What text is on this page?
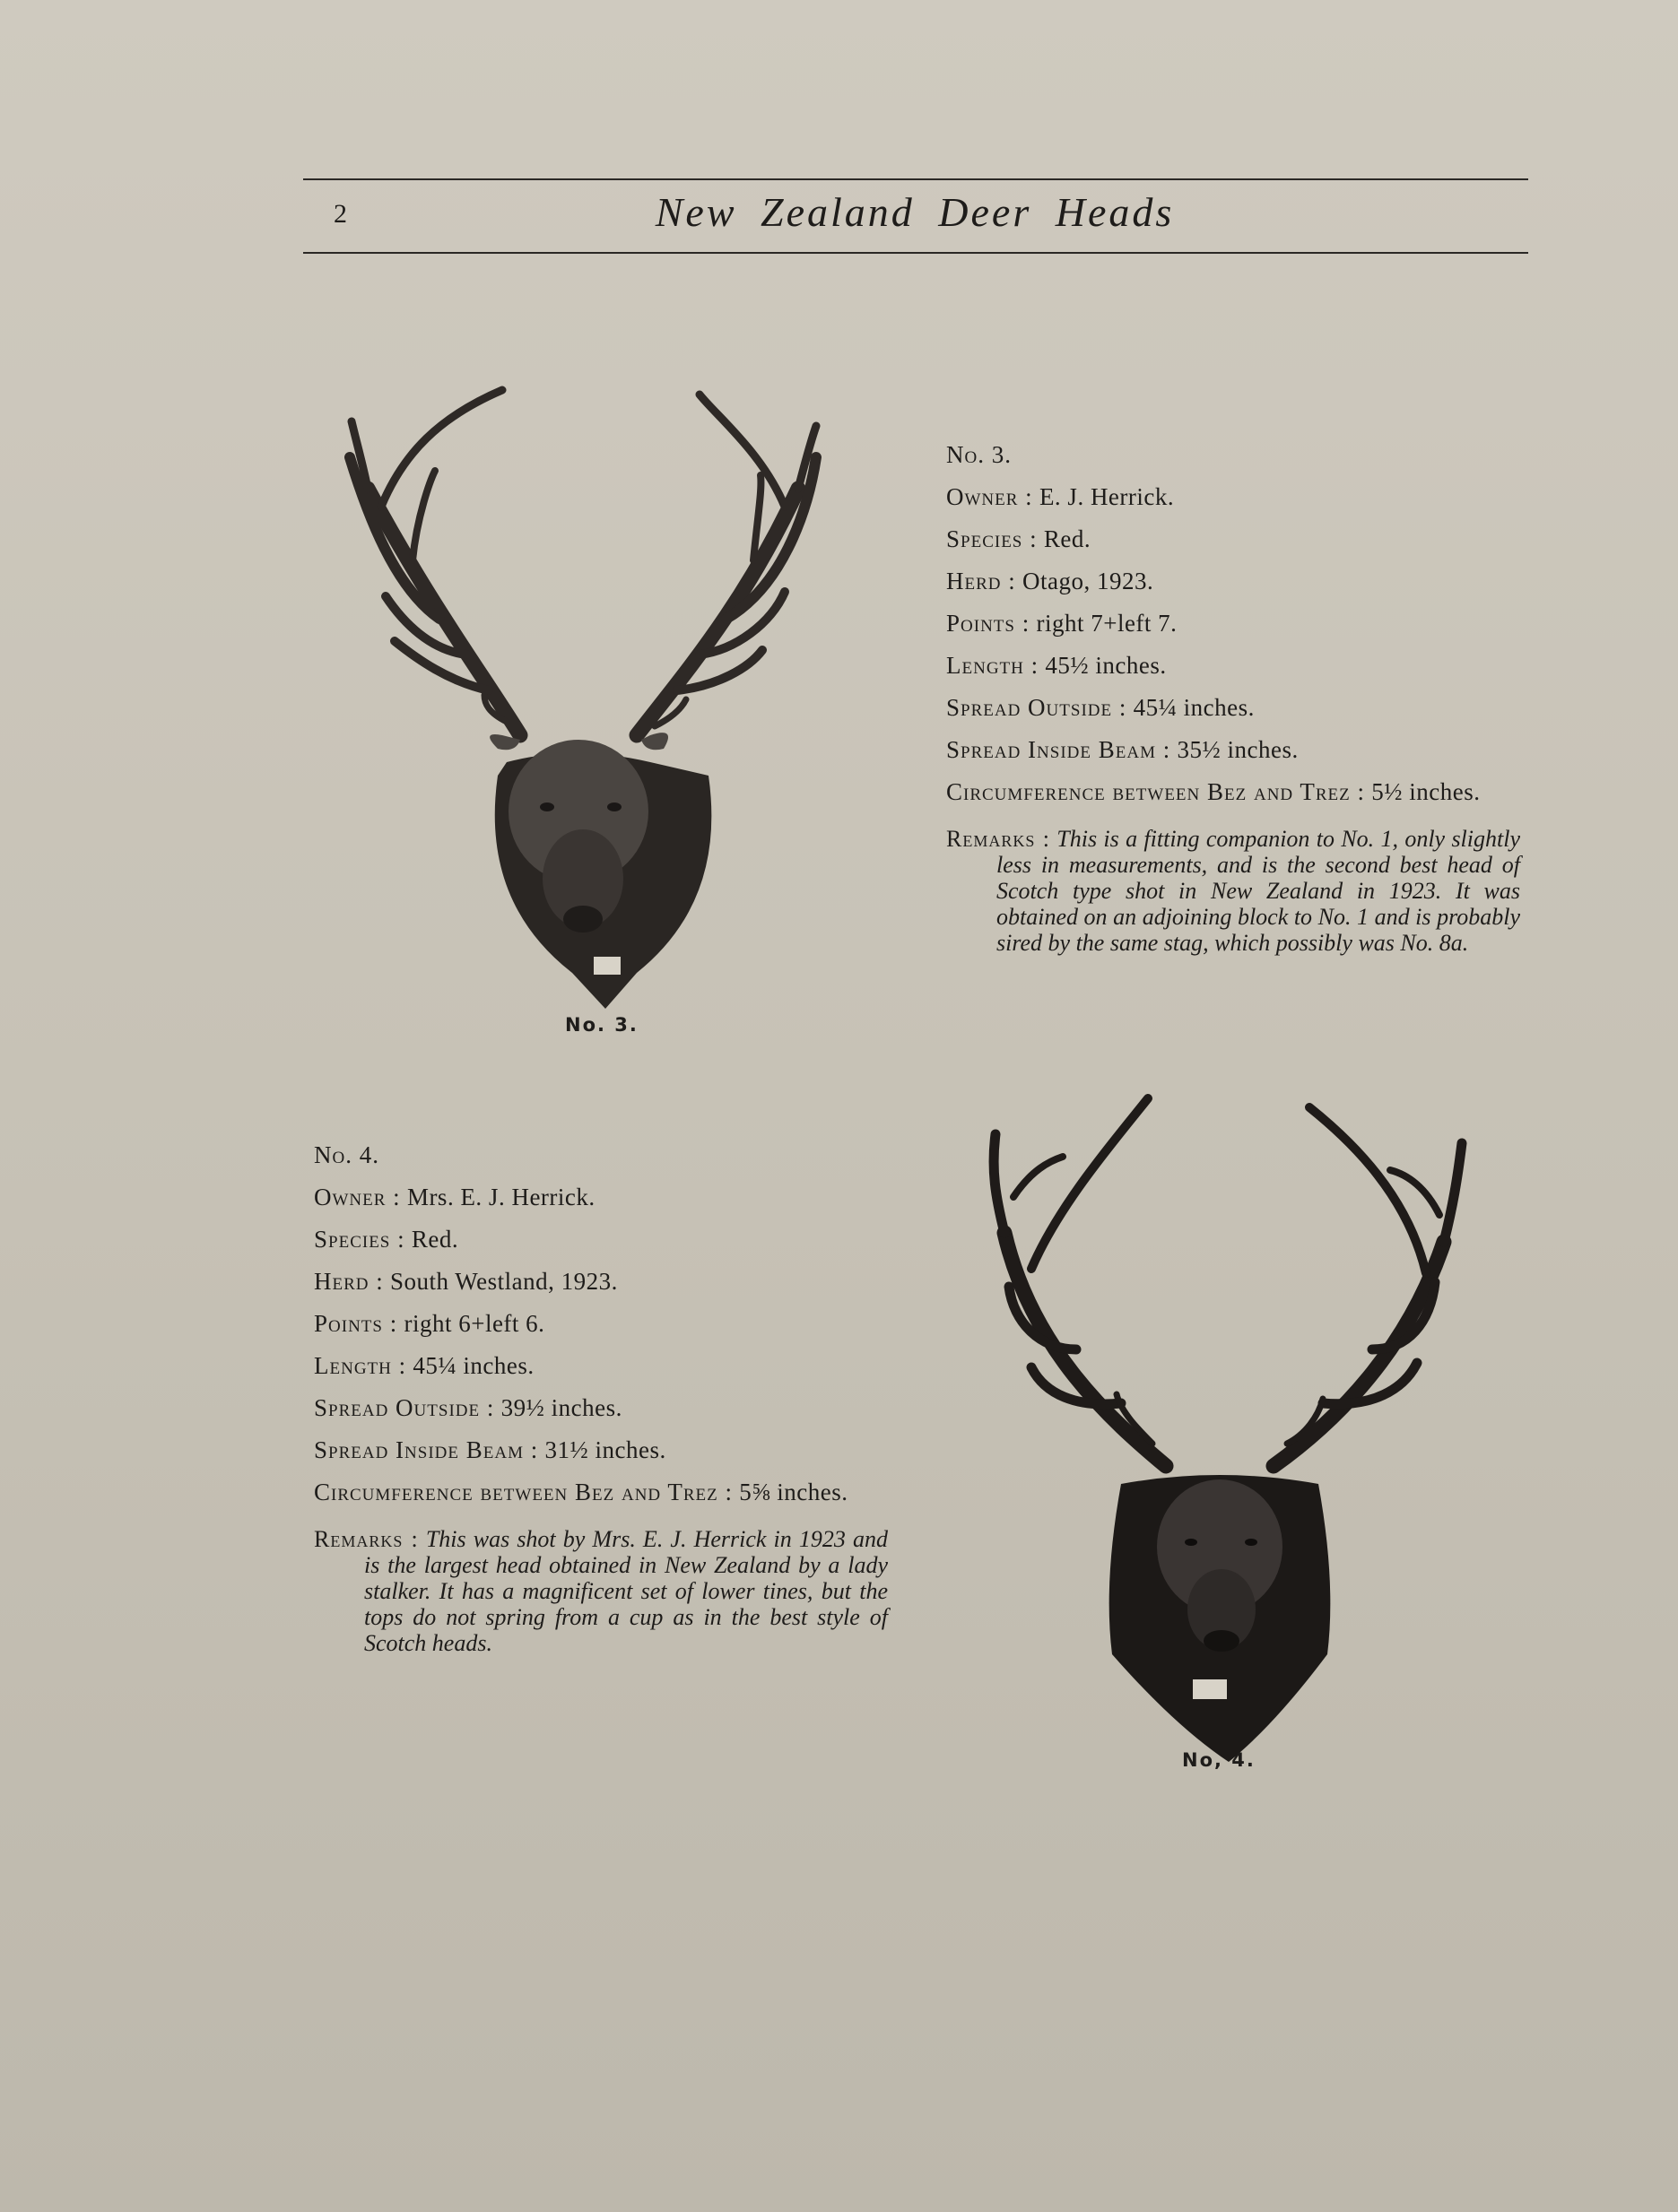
2	New Zealand Deer Heads
No. 3.
No. 3.
Owner : E. J. Herrick.
Species : Red.
Herd : Otago, 1923.
Points : right 7+left 7.
Length : 45½ inches.
Spread Outside : 45¼ inches.
Spread Inside Beam : 35½ inches.
Circumference between Bez and Trez : 5½ inches.
Remarks : This is a fitting companion to No. 1, only slightly less in measurements, and is the second best head of Scotch type shot in New Zealand in 1923. It was obtained on an adjoining block to No. 1 and is probably sired by the same stag, which possibly was No. 8a.
No. 4.
Owner : Mrs. E. J. Herrick.
Species : Red.
Herd : South Westland, 1923.
Points : right 6+left 6.
Length : 45¼ inches.
Spread Outside : 39½ inches.
Spread Inside Beam : 31½ inches.
Circumference between Bez and Trez : 5⅝ inches.
Remarks : This was shot by Mrs. E. J. Herrick in 1923 and is the largest head obtained in New Zealand by a lady stalker. It has a magnificent set of lower tines, but the tops do not spring from a cup as in the best style of Scotch heads.
No, 4.
